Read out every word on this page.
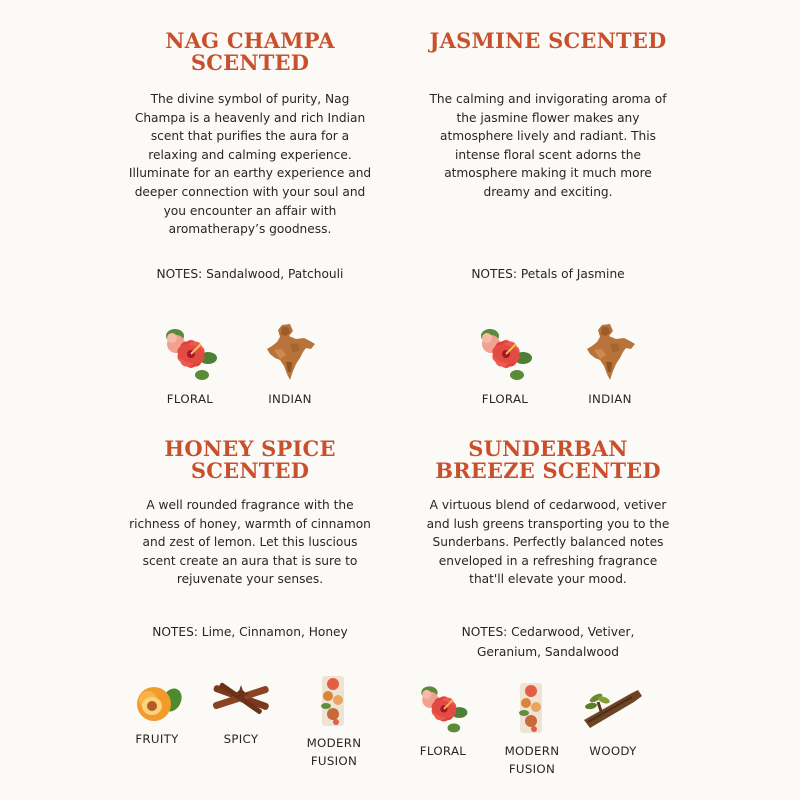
NAG CHAMPA
SCENTED
The divine symbol of purity, Nag
Champa is a heavenly and rich Indian
scent that purifies the aura for a
relaxing and calming experience.
Illuminate for an earthy experience and
deeper connection with your soul and
you encounter an affair with
aromatherapy’s goodness.
NOTES: Sandalwood, Patchouli
FLORAL	INDIAN
JASMINE SCENTED
The calming and invigorating aroma of
the jasmine flower makes any
atmosphere lively and radiant. This
intense floral scent adorns the
atmosphere making it much more
dreamy and exciting.
NOTES: Petals of Jasmine
FLORAL	INDIAN
HONEY SPICE
SCENTED
A well rounded fragrance with the
richness of honey, warmth of cinnamon
and zest of lemon. Let this luscious
scent create an aura that is sure to
rejuvenate your senses.
NOTES: Lime, Cinnamon, Honey
FRUITY	SPICY	MODERN
FUSION
SUNDERBAN
BREEZE SCENTED
A virtuous blend of cedarwood, vetiver
and lush greens transporting you to the
Sunderbans. Perfectly balanced notes
enveloped in a refreshing fragrance
that'll elevate your mood.
NOTES: Cedarwood, Vetiver,
Geranium, Sandalwood
FLORAL	MODERN
FUSION
WOODY
